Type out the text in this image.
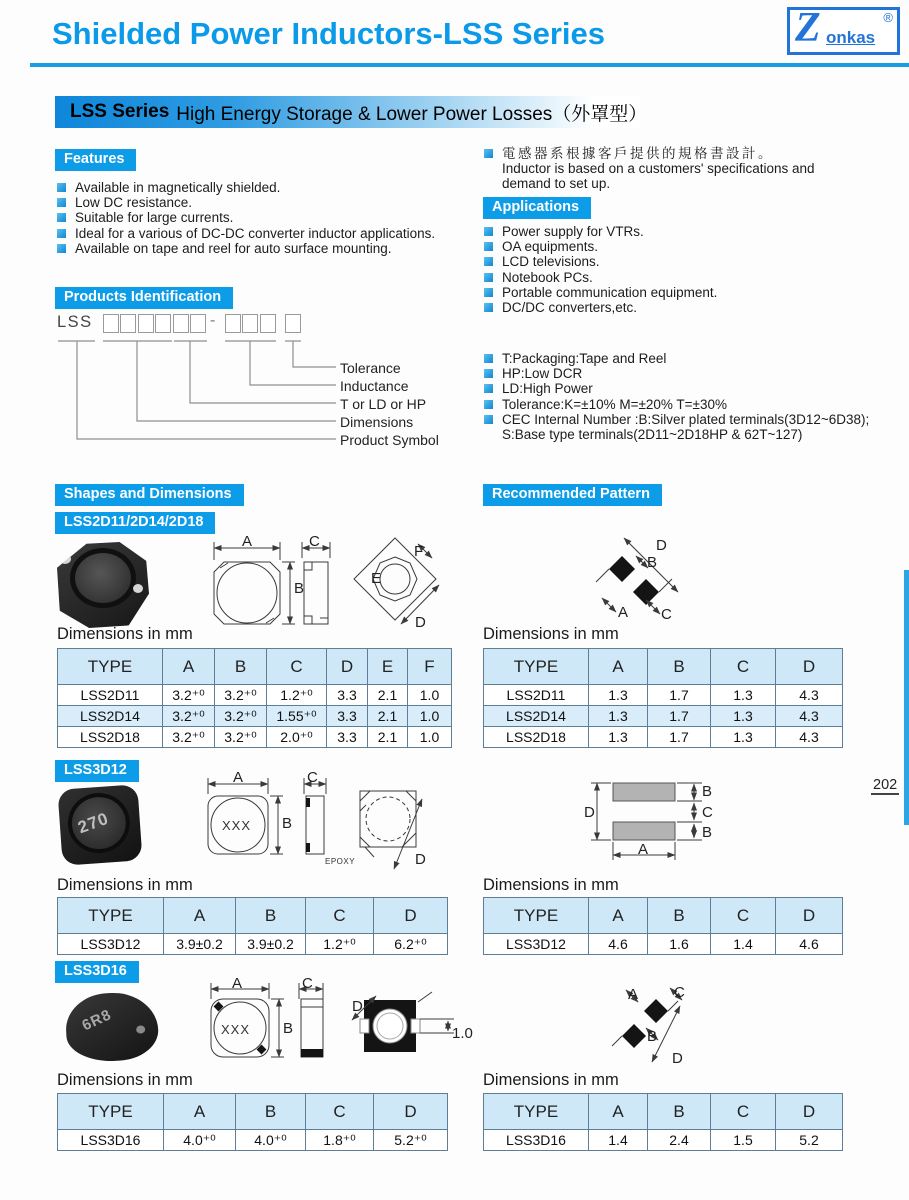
Shielded Power Inductors-LSS Series	Z onkas
®
LSS Series High Energy Storage & Lower Power Losses（外罩型）
Features
Available in magnetically shielded.
Low DC resistance.
Suitable for large currents.
Ideal for a various of DC-DC converter inductor applications.
Available on tape and reel for auto surface mounting.
電感器系根據客戶提供的規格書設計。
Inductor is based on a customers' specifications and
demand to set up.
Applications
Power supply for VTRs.
OA equipments.
LCD televisions.
Notebook PCs.
Portable communication equipment.
DC/DC converters,etc.
Products Identification
LSS	-
Tolerance
Inductance
T or LD or HP
Dimensions
Product Symbol
T:Packaging:Tape and Reel
HP:Low DCR
LD:High Power
Tolerance:K=±10% M=±20% T=±30%
CEC Internal Number :B:Silver plated terminals(3D12~6D38);
S:Base type terminals(2D11~2D18HP & 62T~127)
Shapes and Dimensions	Recommended Pattern
LSS2D11/2D14/2D18
A
B
C
E
F
D
D
B
A C
Dimensions in mm	Dimensions in mm
TYPE	A	B	C	D	E	F
LSS2D11	3.2⁺⁰	3.2⁺⁰	1.2⁺⁰	3.3	2.1	1.0
LSS2D14	3.2⁺⁰	3.2⁺⁰	1.55⁺⁰	3.3	2.1	1.0
LSS2D18	3.2⁺⁰	3.2⁺⁰	2.0⁺⁰	3.3	2.1	1.0
TYPE	A	B	C	D
LSS2D11	1.3	1.7	1.3	4.3
LSS2D14	1.3	1.7	1.3	4.3
LSS2D18	1.3	1.7	1.3	4.3
LSS3D12
270
A
B
XXX
C
D
EPOXY
D
B
C
B
A
Dimensions in mm	Dimensions in mm
TYPE	A	B	C	D
LSS3D12	3.9±0.2	3.9±0.2	1.2⁺⁰	6.2⁺⁰
TYPE	A	B	C	D
LSS3D12	4.6	1.6	1.4	4.6
LSS3D16
6R8
A
B
XXX
C
D
1.0
A C
B
D
Dimensions in mm	Dimensions in mm
TYPE	A	B	C	D
LSS3D16	4.0⁺⁰	4.0⁺⁰	1.8⁺⁰	5.2⁺⁰
TYPE	A	B	C	D
LSS3D16	1.4	2.4	1.5	5.2
202
